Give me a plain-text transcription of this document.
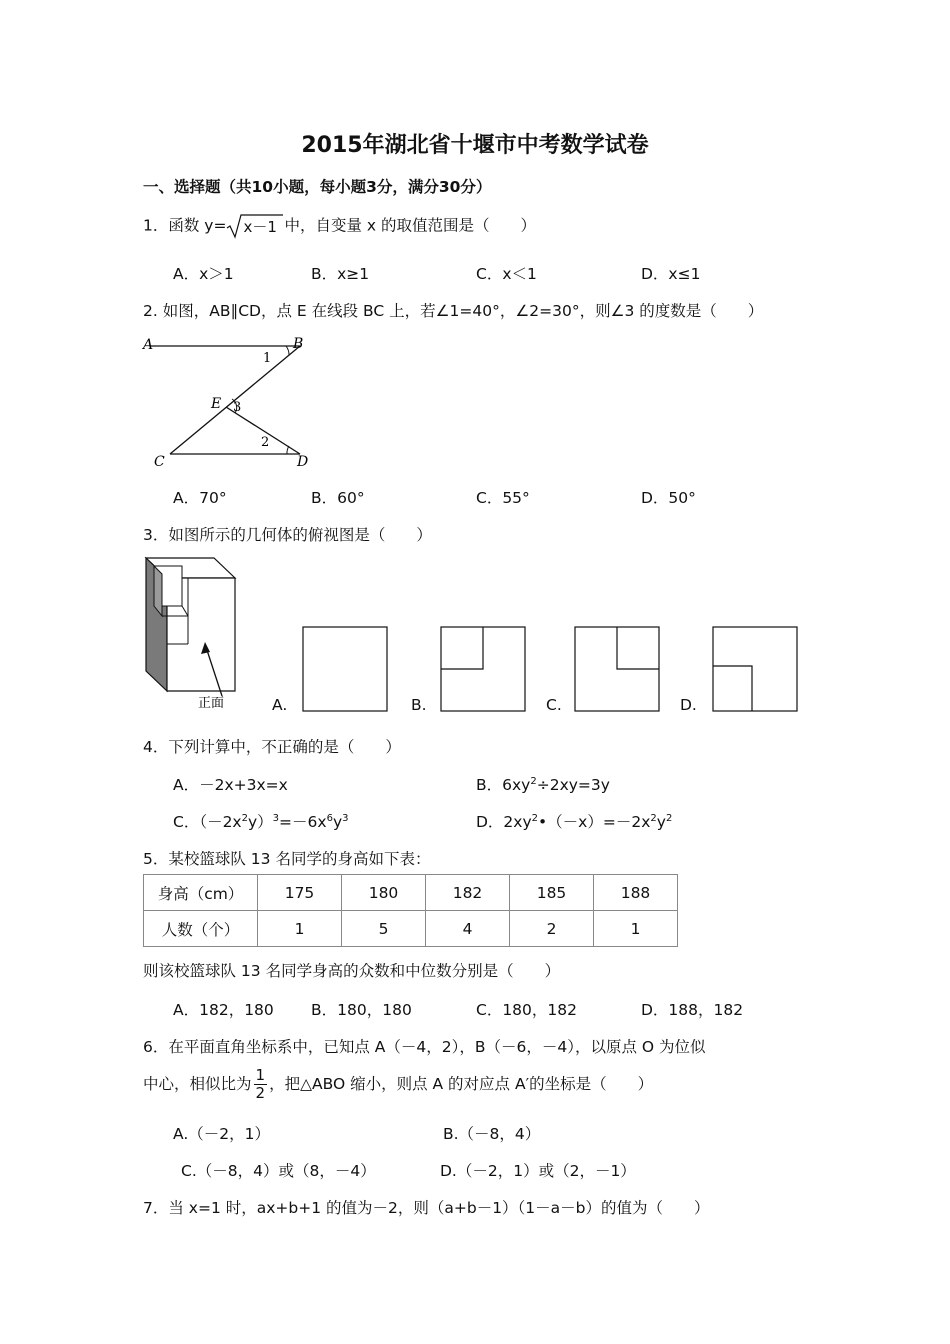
2015年湖北省十堰市中考数学试卷
一、选择题（共10小题，每小题3分，满分30分）
1．函数 y= x－1 中，自变量 x 的取值范围是（　　）
A．x＞1	B．x≥1	C．x＜1	D．x≤1
2. 如图，AB∥CD，点 E 在线段 BC 上，若∠1=40°，∠2=30°，则∠3 的度数是（　　）
A	B
C	D
E
1
2
3
A．70°	B．60°	C．55°	D．50°
3．如图所示的几何体的俯视图是（　　）
正面	A.	B.	C.	D.
4．下列计算中，不正确的是（　　）
A．－2x+3x=x	B．$6xy^2\div 2xy=3y$
C．$(-2x^2y)^3=-6x^6y^3$	D．$2xy^2•(-x)=-2x^2y^2$
5．某校篮球队 13 名同学的身高如下表：
身高（cm）	175	180	182	185	188
人数（个）	1	5	4	2	1
则该校篮球队 13 名同学身高的众数和中位数分别是（　　）
A．182，180 B．180，180	C．180，182	D．188，182
6．在平面直角坐标系中，已知点 A（－4，2），B（－6，－4），以原点 O 为位似
中心，相似比为 $\frac{1}{2}$ ，把△ABO 缩小，则点 A 的对应点 A′的坐标是（　　）
A.（－2，1）	B.（－8，4）
C.（－8，4）或（8，－4）	D.（－2，1）或（2，－1）
7．当 x=1 时，ax+b+1 的值为－2，则（a+b－1）（1－a－b）的值为（　　）
